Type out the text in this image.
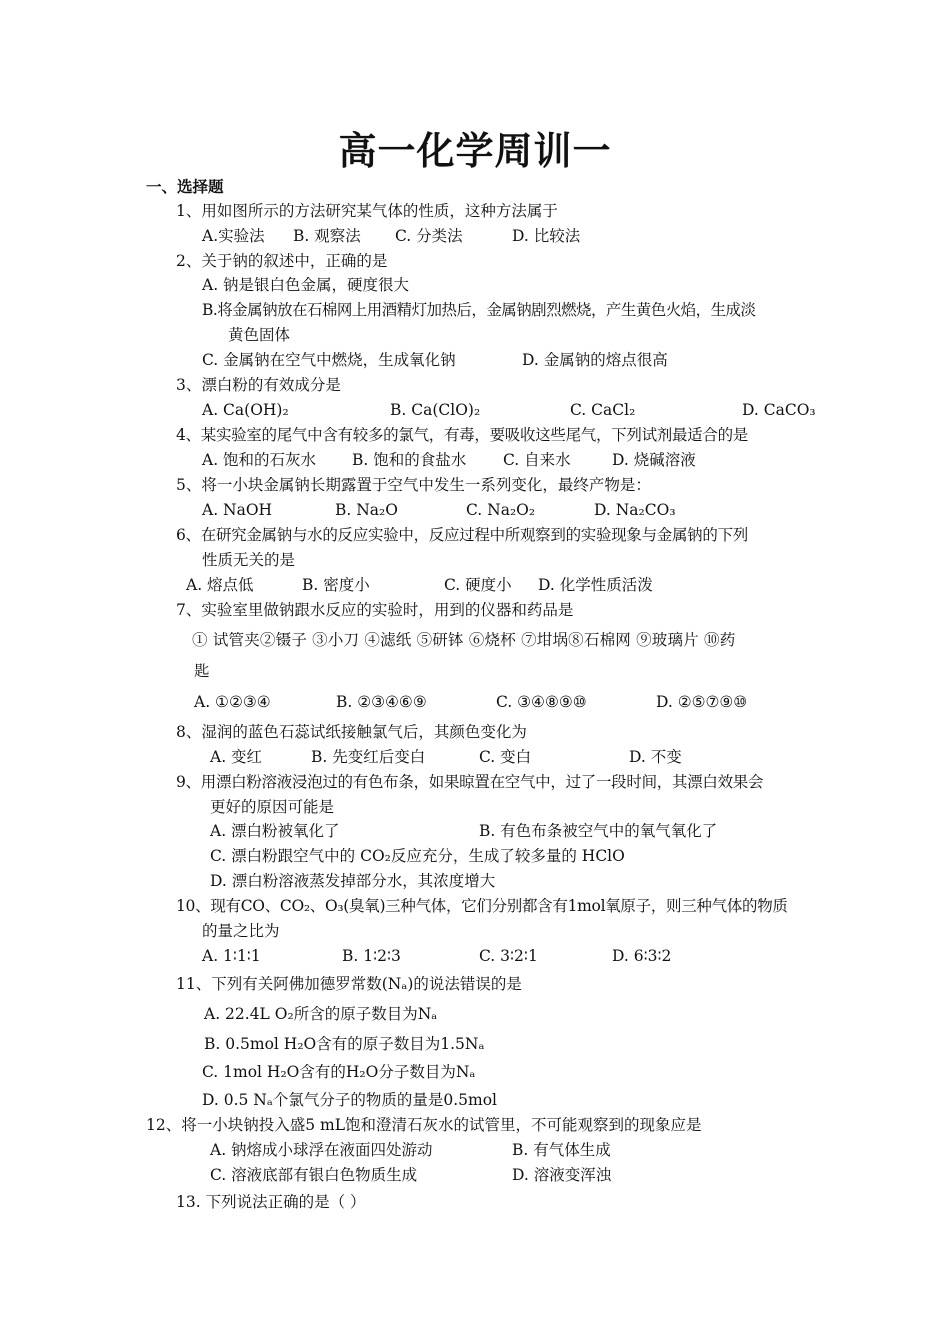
高一化学周训一
一、选择题
1、用如图所示的方法研究某气体的性质，这种方法属于
A.实验法 B. 观察法 C. 分类法	D. 比较法
2、关于钠的叙述中，正确的是
A. 钠是银白色金属，硬度很大
B.将金属钠放在石棉网上用酒精灯加热后，金属钠剧烈燃烧，产生黄色火焰，生成淡
黄色固体
C. 金属钠在空气中燃烧，生成氧化钠	D. 金属钠的熔点很高
3、漂白粉的有效成分是
A. Ca(OH)₂	B. Ca(ClO)₂	C. CaCl₂	D. CaCO₃
4、某实验室的尾气中含有较多的氯气，有毒，要吸收这些尾气，下列试剂最适合的是
A. 饱和的石灰水 B. 饱和的食盐水 C. 自来水	D. 烧碱溶液
5、将一小块金属钠长期露置于空气中发生一系列变化，最终产物是：
A. NaOH	B. Na₂O	C. Na₂O₂	D. Na₂CO₃
6、在研究金属钠与水的反应实验中，反应过程中所观察到的实验现象与金属钠的下列
性质无关的是
A. 熔点低	B. 密度小	C. 硬度小 D. 化学性质活泼
7、实验室里做钠跟水反应的实验时，用到的仪器和药品是
① 试管夹②镊子 ③小刀 ④滤纸 ⑤研钵 ⑥烧杯 ⑦坩埚⑧石棉网 ⑨玻璃片 ⑩药
匙
A. ①②③④	B. ②③④⑥⑨	C. ③④⑧⑨⑩	D. ②⑤⑦⑨⑩
8、湿润的蓝色石蕊试纸接触氯气后，其颜色变化为
A. 变红	B. 先变红后变白	C. 变白	D. 不变
9、用漂白粉溶液浸泡过的有色布条，如果晾置在空气中，过了一段时间，其漂白效果会
更好的原因可能是
A. 漂白粉被氧化了	B. 有色布条被空气中的氧气氧化了
C. 漂白粉跟空气中的 CO₂反应充分，生成了较多量的 HClO
D. 漂白粉溶液蒸发掉部分水，其浓度增大
10、现有CO、CO₂、O₃(臭氧)三种气体，它们分别都含有1mol氧原子，则三种气体的物质
的量之比为
A. 1∶1∶1	B. 1∶2∶3	C. 3∶2∶1	D. 6∶3∶2
11、下列有关阿佛加德罗常数(Nₐ)的说法错误的是
A. 22.4L O₂所含的原子数目为Nₐ
B. 0.5mol H₂O含有的原子数目为1.5Nₐ
C. 1mol H₂O含有的H₂O分子数目为Nₐ
D. 0.5 Nₐ个氯气分子的物质的量是0.5mol
12、将一小块钠投入盛5 mL饱和澄清石灰水的试管里，不可能观察到的现象应是
A. 钠熔成小球浮在液面四处游动	B. 有气体生成
C. 溶液底部有银白色物质生成	D. 溶液变浑浊
13. 下列说法正确的是（ ）
